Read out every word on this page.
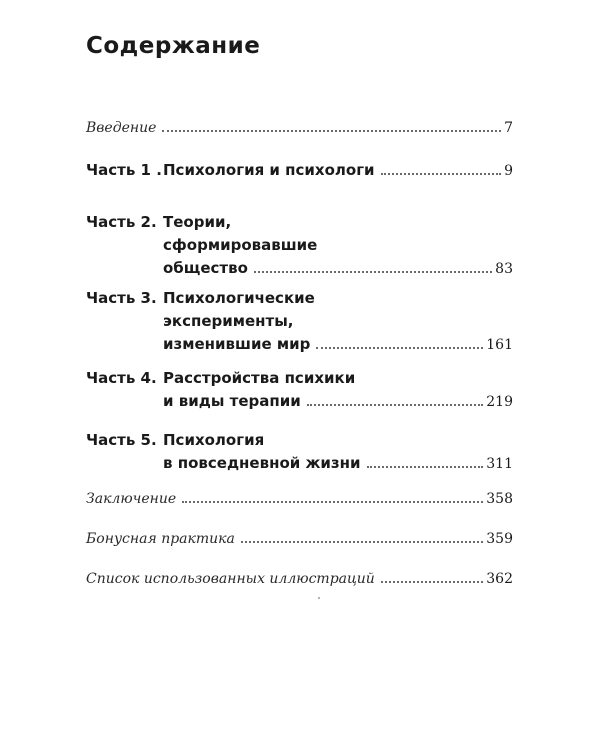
Содержание
Введение	7
Часть 1 . Психология и психологи	9
Часть 2. Теории,
сформировавшие
общество	83
Часть 3. Психологические
эксперименты,
изменившие мир	161
Часть 4. Расстройства психики
и виды терапии	219
Часть 5. Психология
в повседневной жизни	311
Заключение	358
Бонусная практика	359
Список использованных иллюстраций	362
